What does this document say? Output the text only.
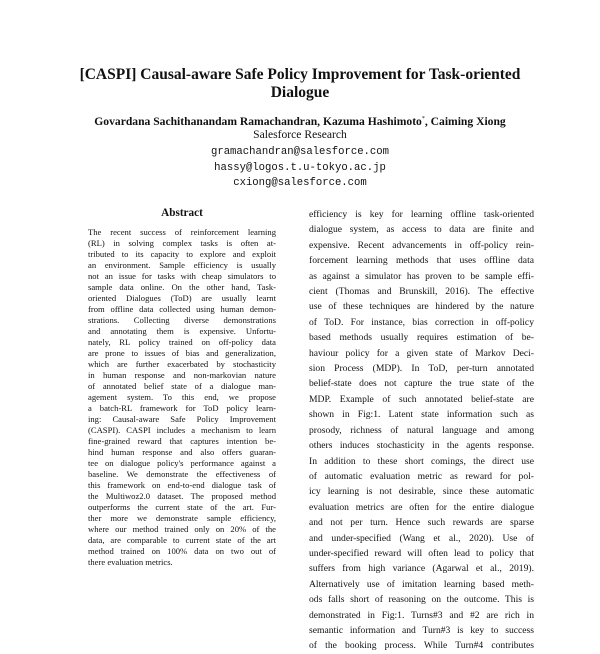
[CASPI] Causal-aware Safe Policy Improvement for Task-oriented
Dialogue
Govardana Sachithanandam Ramachandran, Kazuma Hashimoto*, Caiming Xiong
Salesforce Research
gramachandran@salesforce.com
hassy@logos.t.u-tokyo.ac.jp
cxiong@salesforce.com
Abstract
The recent success of reinforcement learning
(RL) in solving complex tasks is often at-
tributed to its capacity to explore and exploit
an environment. Sample efficiency is usually
not an issue for tasks with cheap simulators to
sample data online. On the other hand, Task-
oriented Dialogues (ToD) are usually learnt
from offline data collected using human demon-
strations. Collecting diverse demonstrations
and annotating them is expensive. Unfortu-
nately, RL policy trained on off-policy data
are prone to issues of bias and generalization,
which are further exacerbated by stochasticity
in human response and non-markovian nature
of annotated belief state of a dialogue man-
agement system. To this end, we propose
a batch-RL framework for ToD policy learn-
ing: Causal-aware Safe Policy Improvement
(CASPI). CASPI includes a mechanism to learn
fine-grained reward that captures intention be-
hind human response and also offers guaran-
tee on dialogue policy's performance against a
baseline. We demonstrate the effectiveness of
this framework on end-to-end dialogue task of
the Multiwoz2.0 dataset. The proposed method
outperforms the current state of the art. Fur-
ther more we demonstrate sample efficiency,
where our method trained only on 20% of the
data, are comparable to current state of the art
method trained on 100% data on two out of
there evaluation metrics.
efficiency is key for learning offline task-oriented
dialogue system, as access to data are finite and
expensive. Recent advancements in off-policy rein-
forcement learning methods that uses offline data
as against a simulator has proven to be sample effi-
cient (Thomas and Brunskill, 2016). The effective
use of these techniques are hindered by the nature
of ToD. For instance, bias correction in off-policy
based methods usually requires estimation of be-
haviour policy for a given state of Markov Deci-
sion Process (MDP). In ToD, per-turn annotated
belief-state does not capture the true state of the
MDP. Example of such annotated belief-state are
shown in Fig:1. Latent state information such as
prosody, richness of natural language and among
others induces stochasticity in the agents response.
In addition to these short comings, the direct use
of automatic evaluation metric as reward for pol-
icy learning is not desirable, since these automatic
evaluation metrics are often for the entire dialogue
and not per turn. Hence such rewards are sparse
and under-specified (Wang et al., 2020). Use of
under-specified reward will often lead to policy that
suffers from high variance (Agarwal et al., 2019).
Alternatively use of imitation learning based meth-
ods falls short of reasoning on the outcome. This is
demonstrated in Fig:1. Turns#3 and #2 are rich in
semantic information and Turn#3 is key to success
of the booking process. While Turn#4 contributes
